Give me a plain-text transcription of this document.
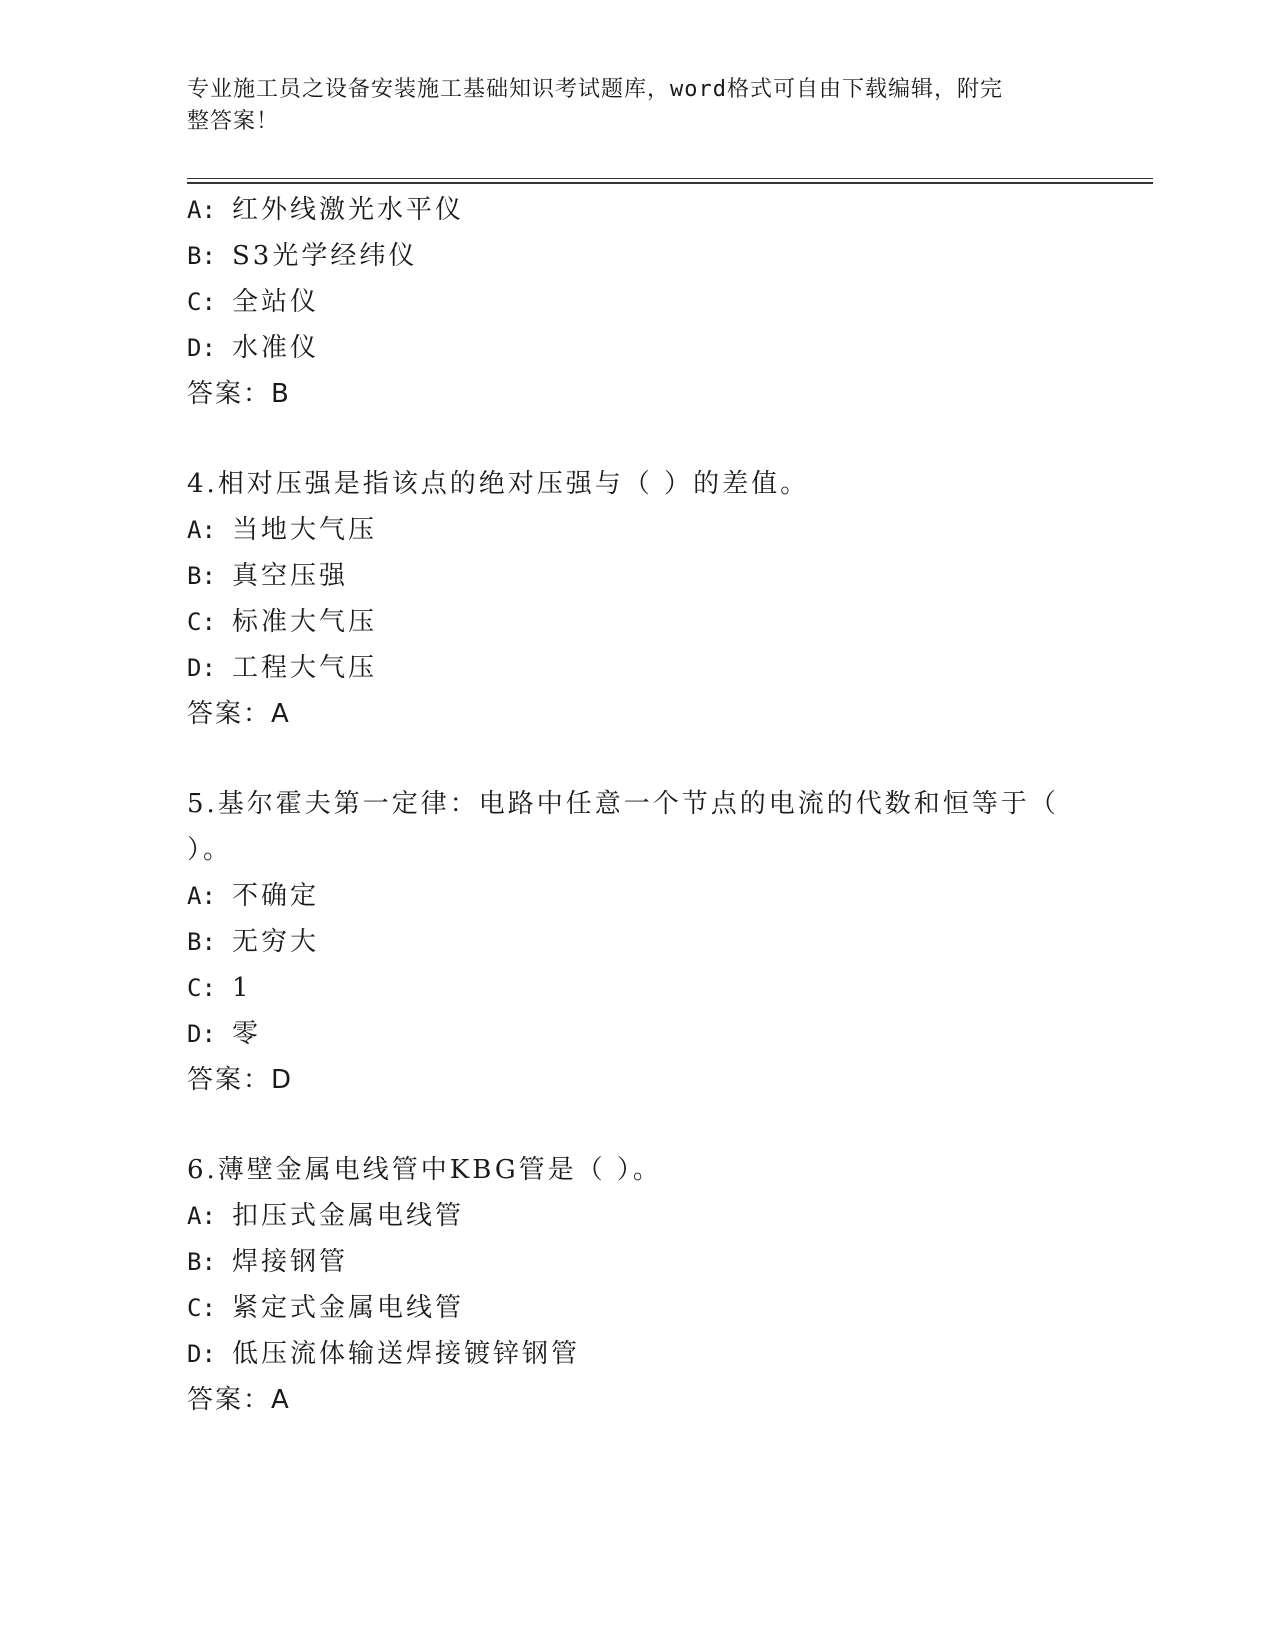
专业施工员之设备安装施工基础知识考试题库，word格式可自由下载编辑，附完
整答案！
A: 红外线激光水平仪
B: S3光学经纬仪
C: 全站仪
D: 水准仪
答案：B
4.相对压强是指该点的绝对压强与（ ）的差值。
A: 当地大气压
B: 真空压强
C: 标准大气压
D: 工程大气压
答案：A
5.基尔霍夫第一定律：电路中任意一个节点的电流的代数和恒等于（
）。
A: 不确定
B: 无穷大
C: 1
D: 零
答案：D
6.薄壁金属电线管中KBG管是（ ）。
A: 扣压式金属电线管
B: 焊接钢管
C: 紧定式金属电线管
D: 低压流体输送焊接镀锌钢管
答案：A
